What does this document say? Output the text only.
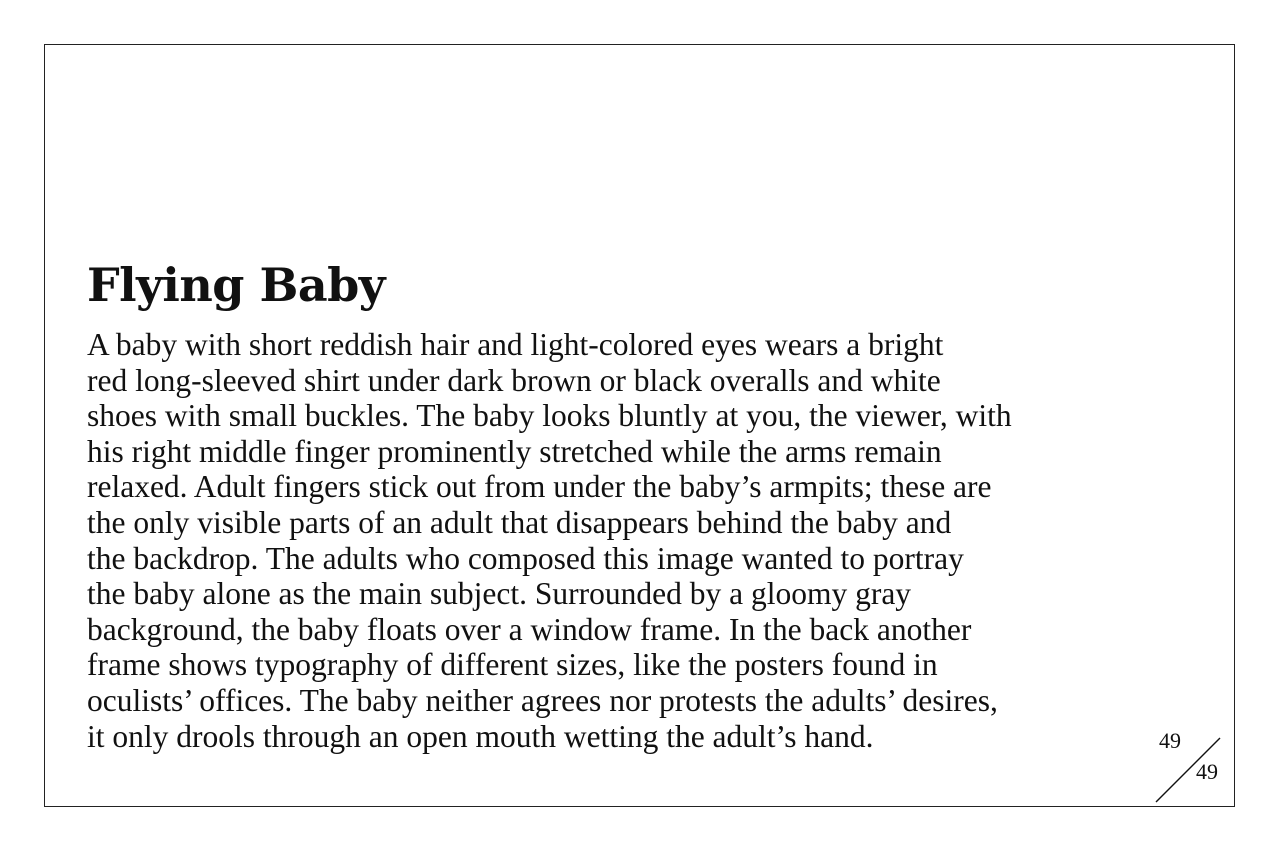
Flying Baby

A baby with short reddish hair and light-colored eyes wears a bright
red long-sleeved shirt under dark brown or black overalls and white
shoes with small buckles. The baby looks bluntly at you, the viewer, with
his right middle finger prominently stretched while the arms remain
relaxed. Adult fingers stick out from under the baby’s armpits; these are
the only visible parts of an adult that disappears behind the baby and
the backdrop. The adults who composed this image wanted to portray
the baby alone as the main subject. Surrounded by a gloomy gray
background, the baby floats over a window frame. In the back another
frame shows typography of different sizes, like the posters found in
oculists’ offices. The baby neither agrees nor protests the adults’ desires,
it only drools through an open mouth wetting the adult’s hand.	49
49
